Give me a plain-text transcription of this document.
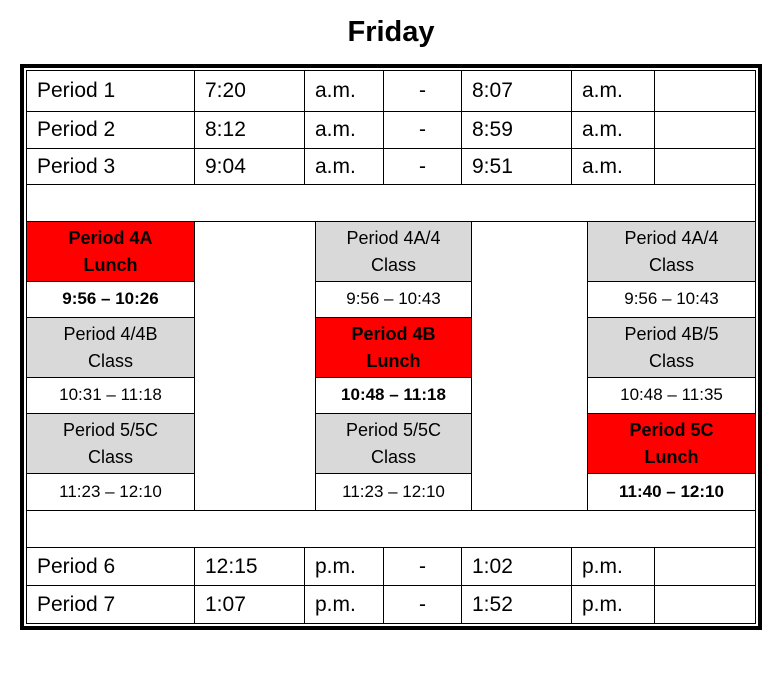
Friday
Period 1	7:20	a.m.	-	8:07	a.m.
Period 2	8:12	a.m.	-	8:59	a.m.
Period 3	9:04	a.m.	-	9:51	a.m.
Period 4A
Lunch
9:56 – 10:26
Period 4/4B
Class
10:31 – 11:18
Period 5/5C
Class
11:23 – 12:10
Period 4A/4
Class
9:56 – 10:43
Period 4B
Lunch
10:48 – 11:18
Period 5/5C
Class
11:23 – 12:10
Period 4A/4
Class
9:56 – 10:43
Period 4B/5
Class
10:48 – 11:35
Period 5C
Lunch
11:40 – 12:10
Period 6	12:15	p.m.	-	1:02	p.m.
Period 7	1:07	p.m.	-	1:52	p.m.
